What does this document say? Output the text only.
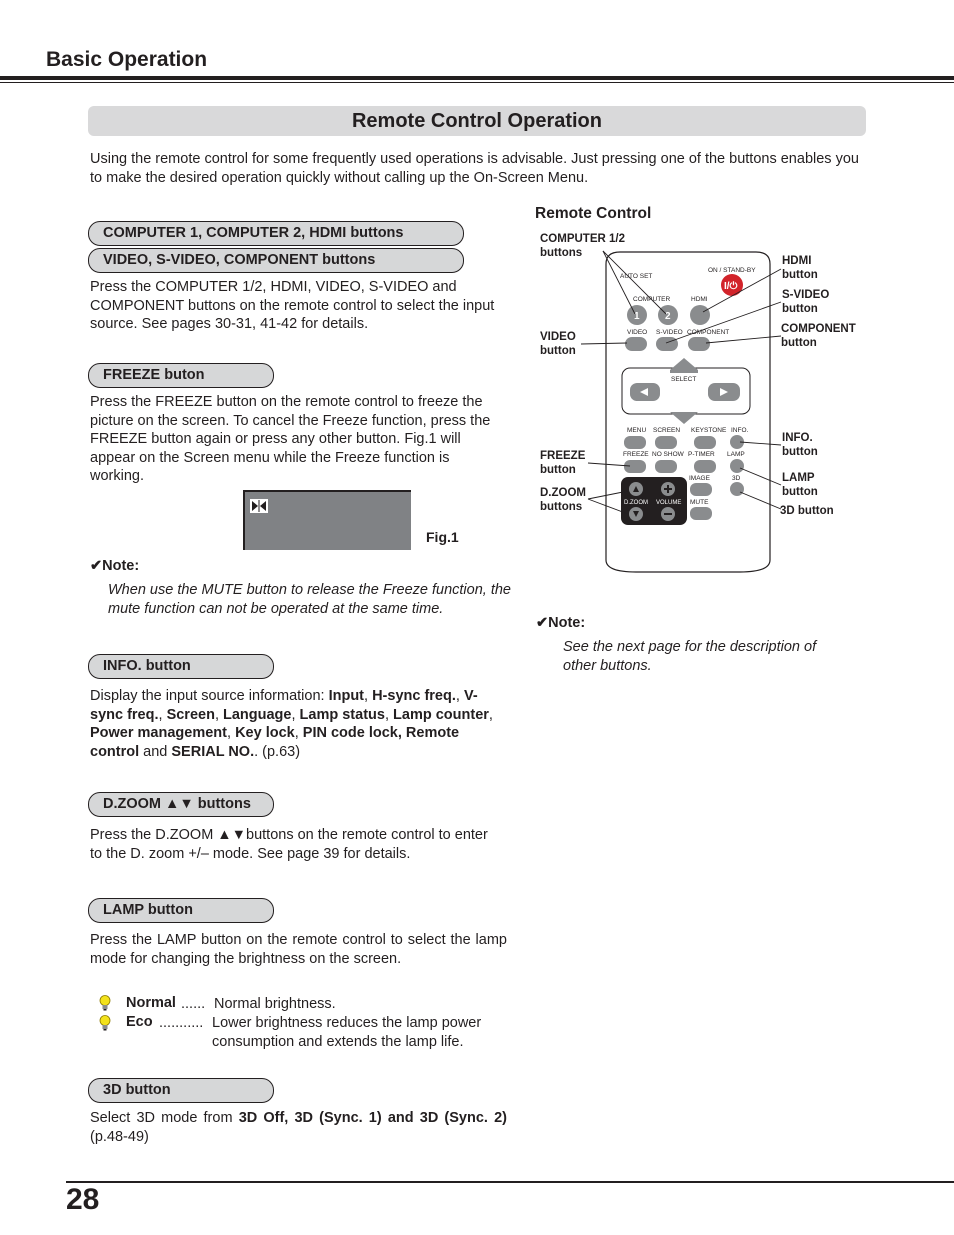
Basic Operation
Remote Control Operation
Using the remote control for some frequently used operations is advisable. Just pressing one of the buttons enables you to make the desired operation quickly without calling up the On-Screen Menu.
COMPUTER 1, COMPUTER 2, HDMI buttons
VIDEO, S-VIDEO, COMPONENT buttons
Press the COMPUTER 1/2, HDMI, VIDEO, S-VIDEO and COMPONENT buttons on the remote control to select the input source. See pages 30-31, 41-42 for details.
FREEZE buton
Press the FREEZE button on the remote control to freeze the picture on the screen. To cancel the Freeze function, press the FREEZE button again or press any other button. Fig.1 will appear on the Screen menu while the Freeze function is working.
Fig.1
✔Note:
When use the MUTE button to release the Freeze function, the mute function can not be operated at the same time.
INFO. button
Display the input source information: Input, H-sync freq., V-sync freq., Screen, Language, Lamp status, Lamp counter, Power management, Key lock, PIN code lock, Remote control and SERIAL NO.. (p.63)
D.ZOOM ▲▼ buttons
Press the D.ZOOM ▲▼buttons on the remote control to enter to the D. zoom +/– mode. See page 39 for details.
LAMP button
Press the LAMP button on the remote control to select the lamp mode for changing the brightness on the screen.
Normal ...... Normal brightness.
Eco ........... Lower brightness reduces the lamp power consumption and extends the lamp life.
3D button
Select 3D mode from 3D Off, 3D (Sync. 1) and 3D (Sync. 2) (p.48-49)
Remote Control
AUTO SET
ON / STAND-BY
I/⏻
COMPUTER	HDMI
1	2
VIDEO S-VIDEO COMPONENT
SELECT
MENU SCREEN KEYSTONE INFO.
FREEZE NO SHOW P-TIMER LAMP
IMAGE	3D
D.ZOOM VOLUME MUTE
COMPUTER 1/2 buttons
HDMI button
S-VIDEO button
VIDEO button
COMPONENT button
INFO. button
FREEZE button
LAMP button
D.ZOOM buttons	3D button
✔Note:
See the next page for the description of other buttons.
28
